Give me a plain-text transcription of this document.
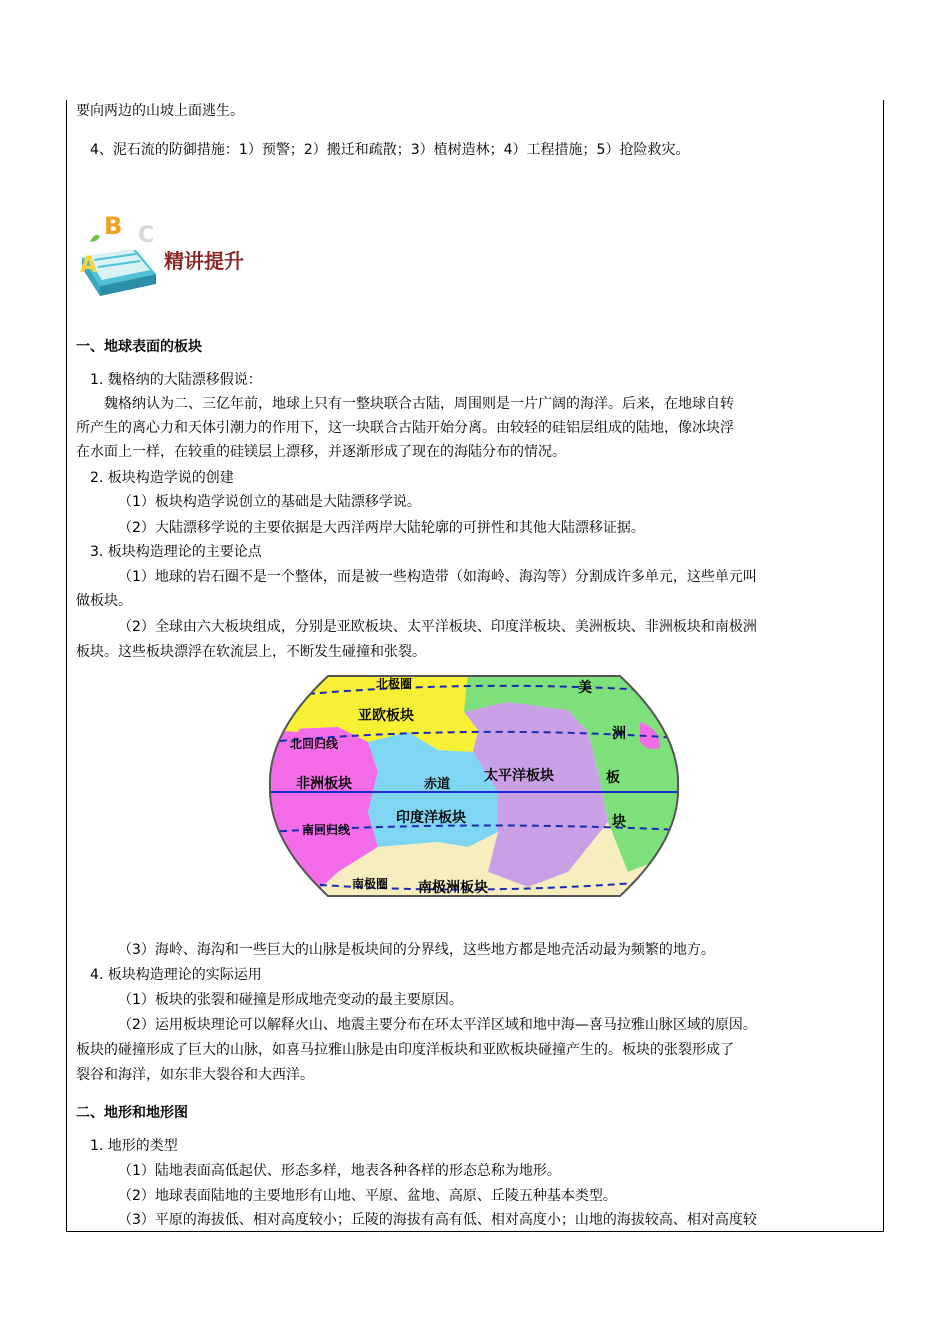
要向两边的山坡上面逃生。
4、泥石流的防御措施：1）预警；2）搬迁和疏散；3）植树造林；4）工程措施；5）抢险救灾。
A
B C
精讲提升
一、地球表面的板块
1. 魏格纳的大陆漂移假说：
魏格纳认为二、三亿年前，地球上只有一整块联合古陆，周围则是一片广阔的海洋。后来，在地球自转
所产生的离心力和天体引潮力的作用下，这一块联合古陆开始分离。由较轻的硅铝层组成的陆地，像冰块浮
在水面上一样，在较重的硅镁层上漂移，并逐渐形成了现在的海陆分布的情况。
2. 板块构造学说的创建
（1）板块构造学说创立的基础是大陆漂移学说。
（2）大陆漂移学说的主要依据是大西洋两岸大陆轮廓的可拼性和其他大陆漂移证据。
3. 板块构造理论的主要论点
（1）地球的岩石圈不是一个整体，而是被一些构造带（如海岭、海沟等）分割成许多单元，这些单元叫
做板块。
（2）全球由六大板块组成，分别是亚欧板块、太平洋板块、印度洋板块、美洲板块、非洲板块和南极洲
板块。这些板块漂浮在软流层上，不断发生碰撞和张裂。
北极圈
亚欧板块
北回归线
非洲板块	赤道
太平洋板块
印度洋板块
南回归线
南极圈 南极洲板块
美
洲
板
块
（3）海岭、海沟和一些巨大的山脉是板块间的分界线，这些地方都是地壳活动最为频繁的地方。
4. 板块构造理论的实际运用
（1）板块的张裂和碰撞是形成地壳变动的最主要原因。
（2）运用板块理论可以解释火山、地震主要分布在环太平洋区域和地中海—喜马拉雅山脉区域的原因。
板块的碰撞形成了巨大的山脉，如喜马拉雅山脉是由印度洋板块和亚欧板块碰撞产生的。板块的张裂形成了
裂谷和海洋，如东非大裂谷和大西洋。
二、地形和地形图
1. 地形的类型
（1）陆地表面高低起伏、形态多样，地表各种各样的形态总称为地形。
（2）地球表面陆地的主要地形有山地、平原、盆地、高原、丘陵五种基本类型。
（3）平原的海拔低、相对高度较小；丘陵的海拔有高有低、相对高度小；山地的海拔较高、相对高度较
